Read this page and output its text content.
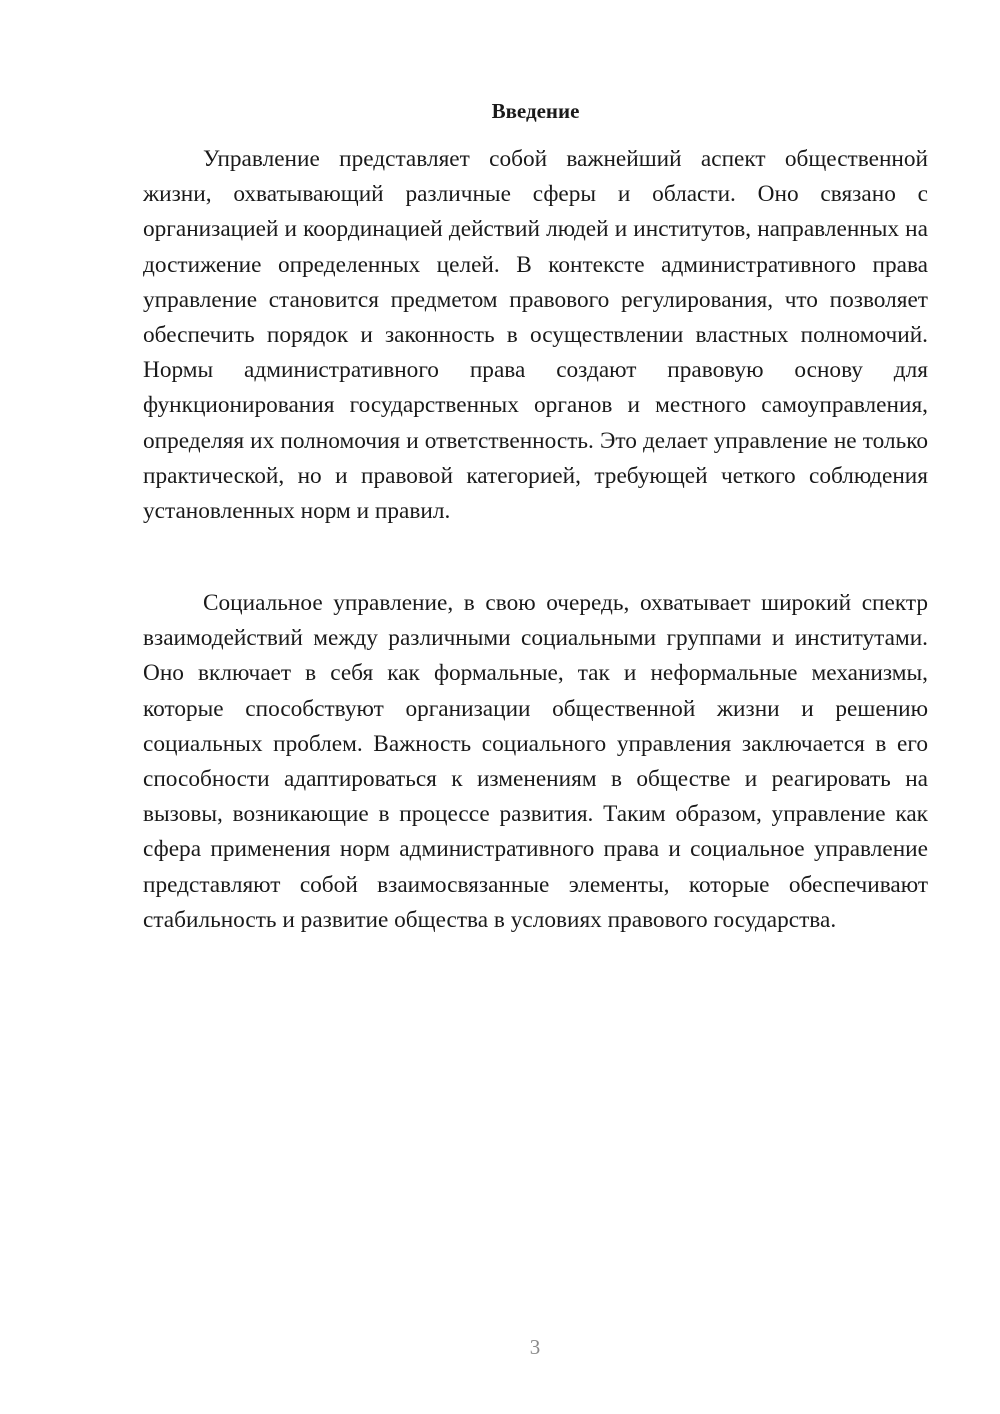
Введение

Управление представляет собой важнейший аспект общественной жизни, охватывающий различные сферы и области. Оно связано с организацией и координацией действий людей и институтов, направленных на достижение определенных целей. В контексте административного права управление становится предметом правового регулирования, что позволяет обеспечить порядок и законность в осуществлении властных полномочий. Нормы административного права создают правовую основу для функционирования государственных органов и местного самоуправления, определяя их полномочия и ответственность. Это делает управление не только практической, но и правовой категорией, требующей четкого соблюдения установленных норм и правил.

Социальное управление, в свою очередь, охватывает широкий спектр взаимодействий между различными социальными группами и институтами. Оно включает в себя как формальные, так и неформальные механизмы, которые способствуют организации общественной жизни и решению социальных проблем. Важность социального управления заключается в его способности адаптироваться к изменениям в обществе и реагировать на вызовы, возникающие в процессе развития. Таким образом, управление как сфера применения норм административного права и социальное управление представляют собой взаимосвязанные элементы, которые обеспечивают стабильность и развитие общества в условиях правового государства.

3
